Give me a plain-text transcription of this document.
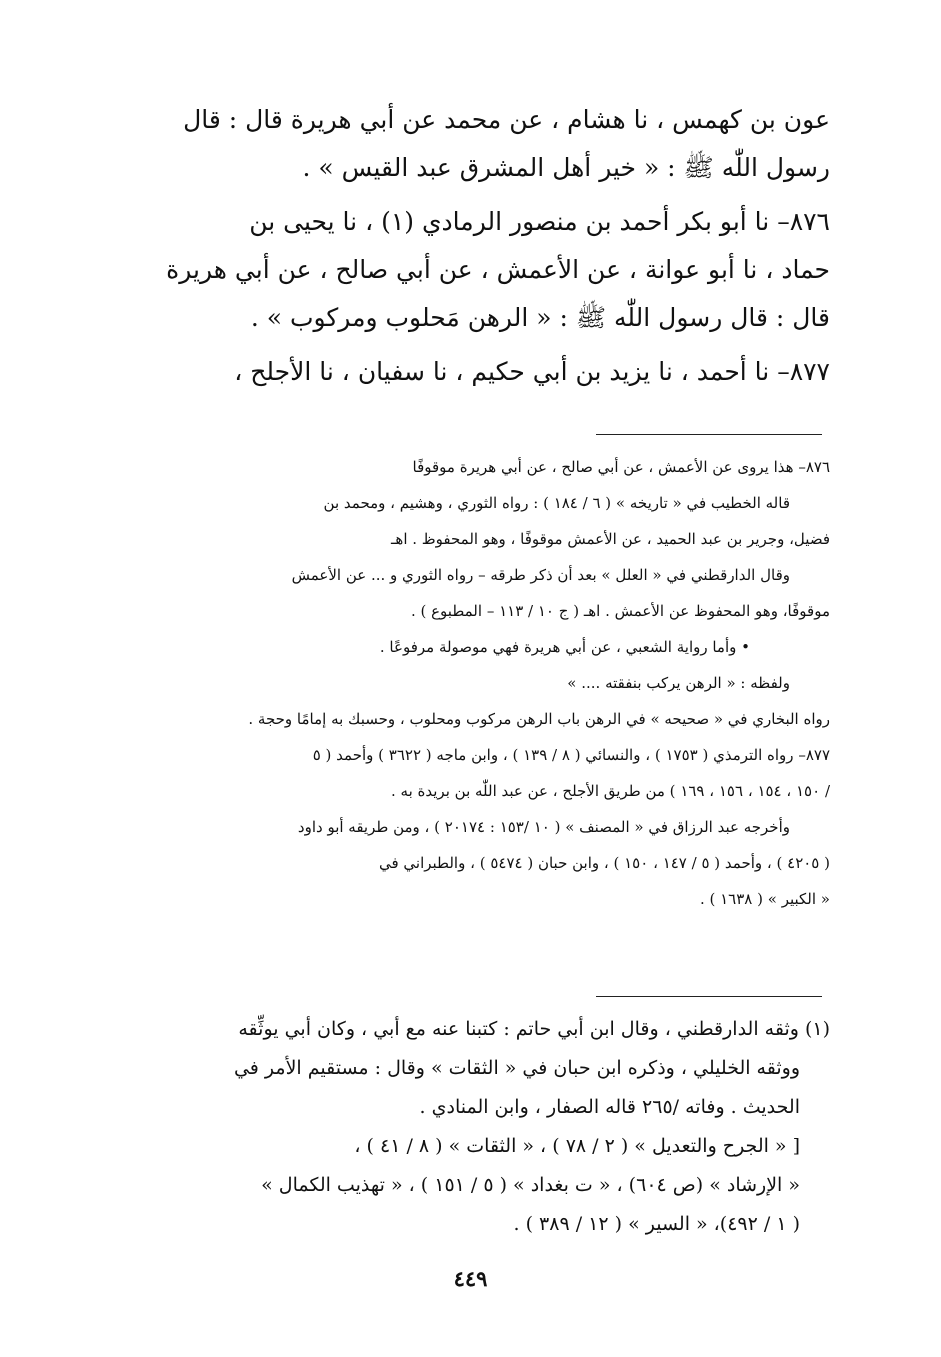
عون بن كهمس ، نا هشام ، عن محمد عن أبي هريرة قال : قال

رسول اللّٰه ﷺ : « خير أهل المشرق عبد القيس » .

٨٧٦– نا أبو بكر أحمد بن منصور الرمادي (١) ، نا يحيى بن

حماد ، نا أبو عوانة ، عن الأعمش ، عن أبي صالح ، عن أبي هريرة

قال : قال رسول اللّٰه ﷺ : « الرهن مَحلوب ومركوب » .

٨٧٧– نا أحمد ، نا يزيد بن أبي حكيم ، نا سفيان ، نا الأجلح ،

٨٧٦– هذا يروى عن الأعمش ، عن أبي صالح ، عن أبي هريرة موقوفًا

قاله الخطيب في « تاريخه » ( ٦ / ١٨٤ ) : رواه الثوري ، وهشيم ، ومحمد بن

فضيل، وجرير بن عبد الحميد ، عن الأعمش موقوفًا ، وهو المحفوظ . اهـ

وقال الدارقطني في « العلل » بعد أن ذكر طرقه – رواه الثوري و ... عن الأعمش

موقوفًا، وهو المحفوظ عن الأعمش . اهـ ( ج ١٠ / ١١٣ – المطبوع ) .

• وأما رواية الشعبي ، عن أبي هريرة فهي موصولة مرفوعًا .

ولفظه : « الرهن يركب بنفقته .... »

رواه البخاري في « صحيحه » في الرهن باب الرهن مركوب ومحلوب ، وحسبك به إمامًا وحجة .

٨٧٧– رواه الترمذي ( ١٧٥٣ ) ، والنسائي ( ٨ / ١٣٩ ) ، وابن ماجه ( ٣٦٢٢ ) وأحمد ( ٥

/ ١٥٠ ، ١٥٤ ، ١٥٦ ، ١٦٩ ) من طريق الأجلح ، عن عبد اللّٰه بن بريدة به .

وأخرجه عبد الرزاق في « المصنف » ( ١٠ /١٥٣ : ٢٠١٧٤ ) ، ومن طريقه أبو داود

( ٤٢٠٥ ) ، وأحمد ( ٥ / ١٤٧ ، ١٥٠ ) ، وابن حبان ( ٥٤٧٤ ) ، والطبراني في

« الكبير » ( ١٦٣٨ ) .

(١) وثقه الدارقطني ، وقال ابن أبي حاتم : كتبنا عنه مع أبي ، وكان أبي يوثِّقه

ووثقه الخليلي ، وذكره ابن حبان في « الثقات » وقال : مستقيم الأمر في

الحديث . وفاته /٢٦٥ قاله الصفار ، وابن المنادي .

[ « الجرح والتعديل » ( ٢ / ٧٨ ) ، « الثقات » ( ٨ / ٤١ ) ،

« الإرشاد » (ص ٦٠٤) ، « ت بغداد » ( ٥ / ١٥١ ) ، « تهذيب الكمال »

( ١ / ٤٩٢)، « السير » ( ١٢ / ٣٨٩ ) .

٤٤٩
